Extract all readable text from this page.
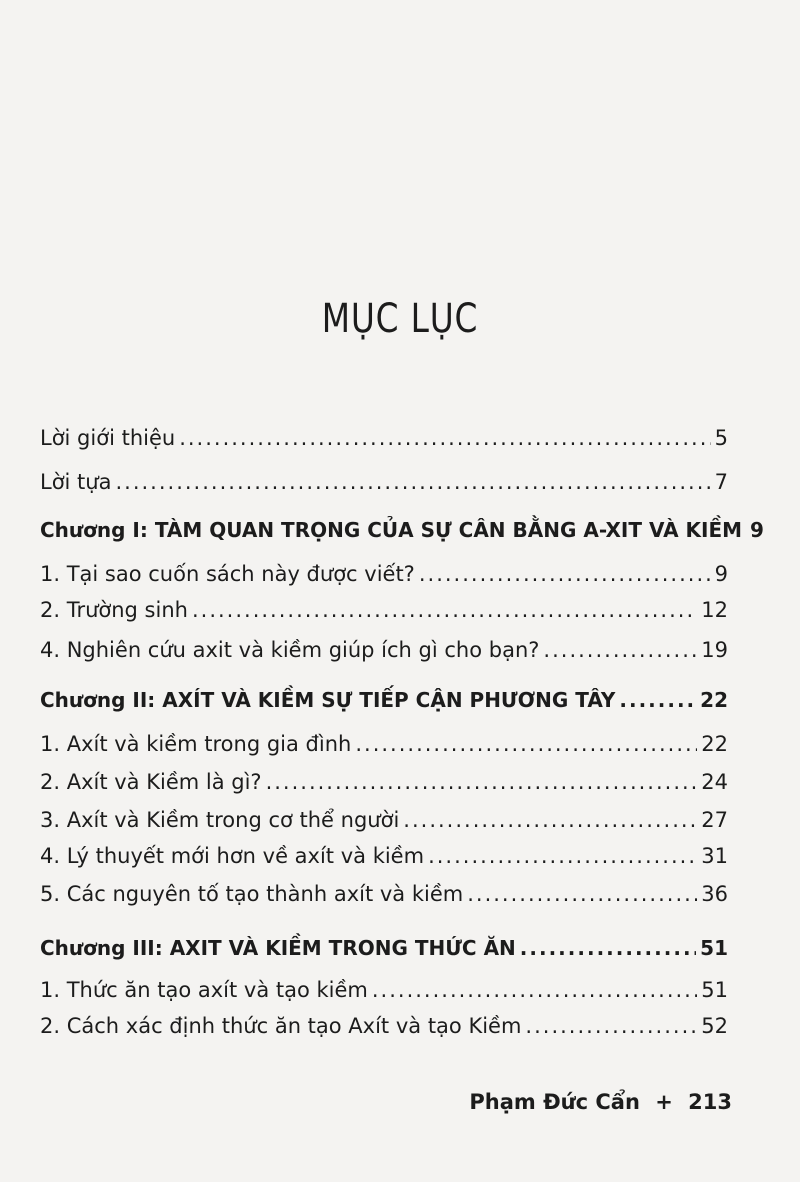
MỤC LỤC
Lời giới thiệu .....	5
Lời tựa .....	7
Chương I: TÀM QUAN TRỌNG CỦA SỰ CÂN BẰNG A-XIT VÀ KIỀM 9
1. Tại sao cuốn sách này được viết? .....	9
2. Trường sinh .....	12
4. Nghiên cứu axit và kiềm giúp ích gì cho bạn? .....	19
Chương II: AXÍT VÀ KIỀM SỰ TIẾP CẬN PHƯƠNG TÂY .....	22
1. Axít và kiềm trong gia đình .....	22
2. Axít và Kiềm là gì? .....	24
3. Axít và Kiềm trong cơ thể người .....	27
4. Lý thuyết mới hơn về axít và kiềm .....	31
5. Các nguyên tố tạo thành axít và kiềm .....	36
Chương III: AXIT VÀ KIỀM TRONG THỨC ĂN .....	51
1. Thức ăn tạo axít và tạo kiềm .....	51
2. Cách xác định thức ăn tạo Axít và tạo Kiềm .....	52
Phạm Đức Cẩn + 213
